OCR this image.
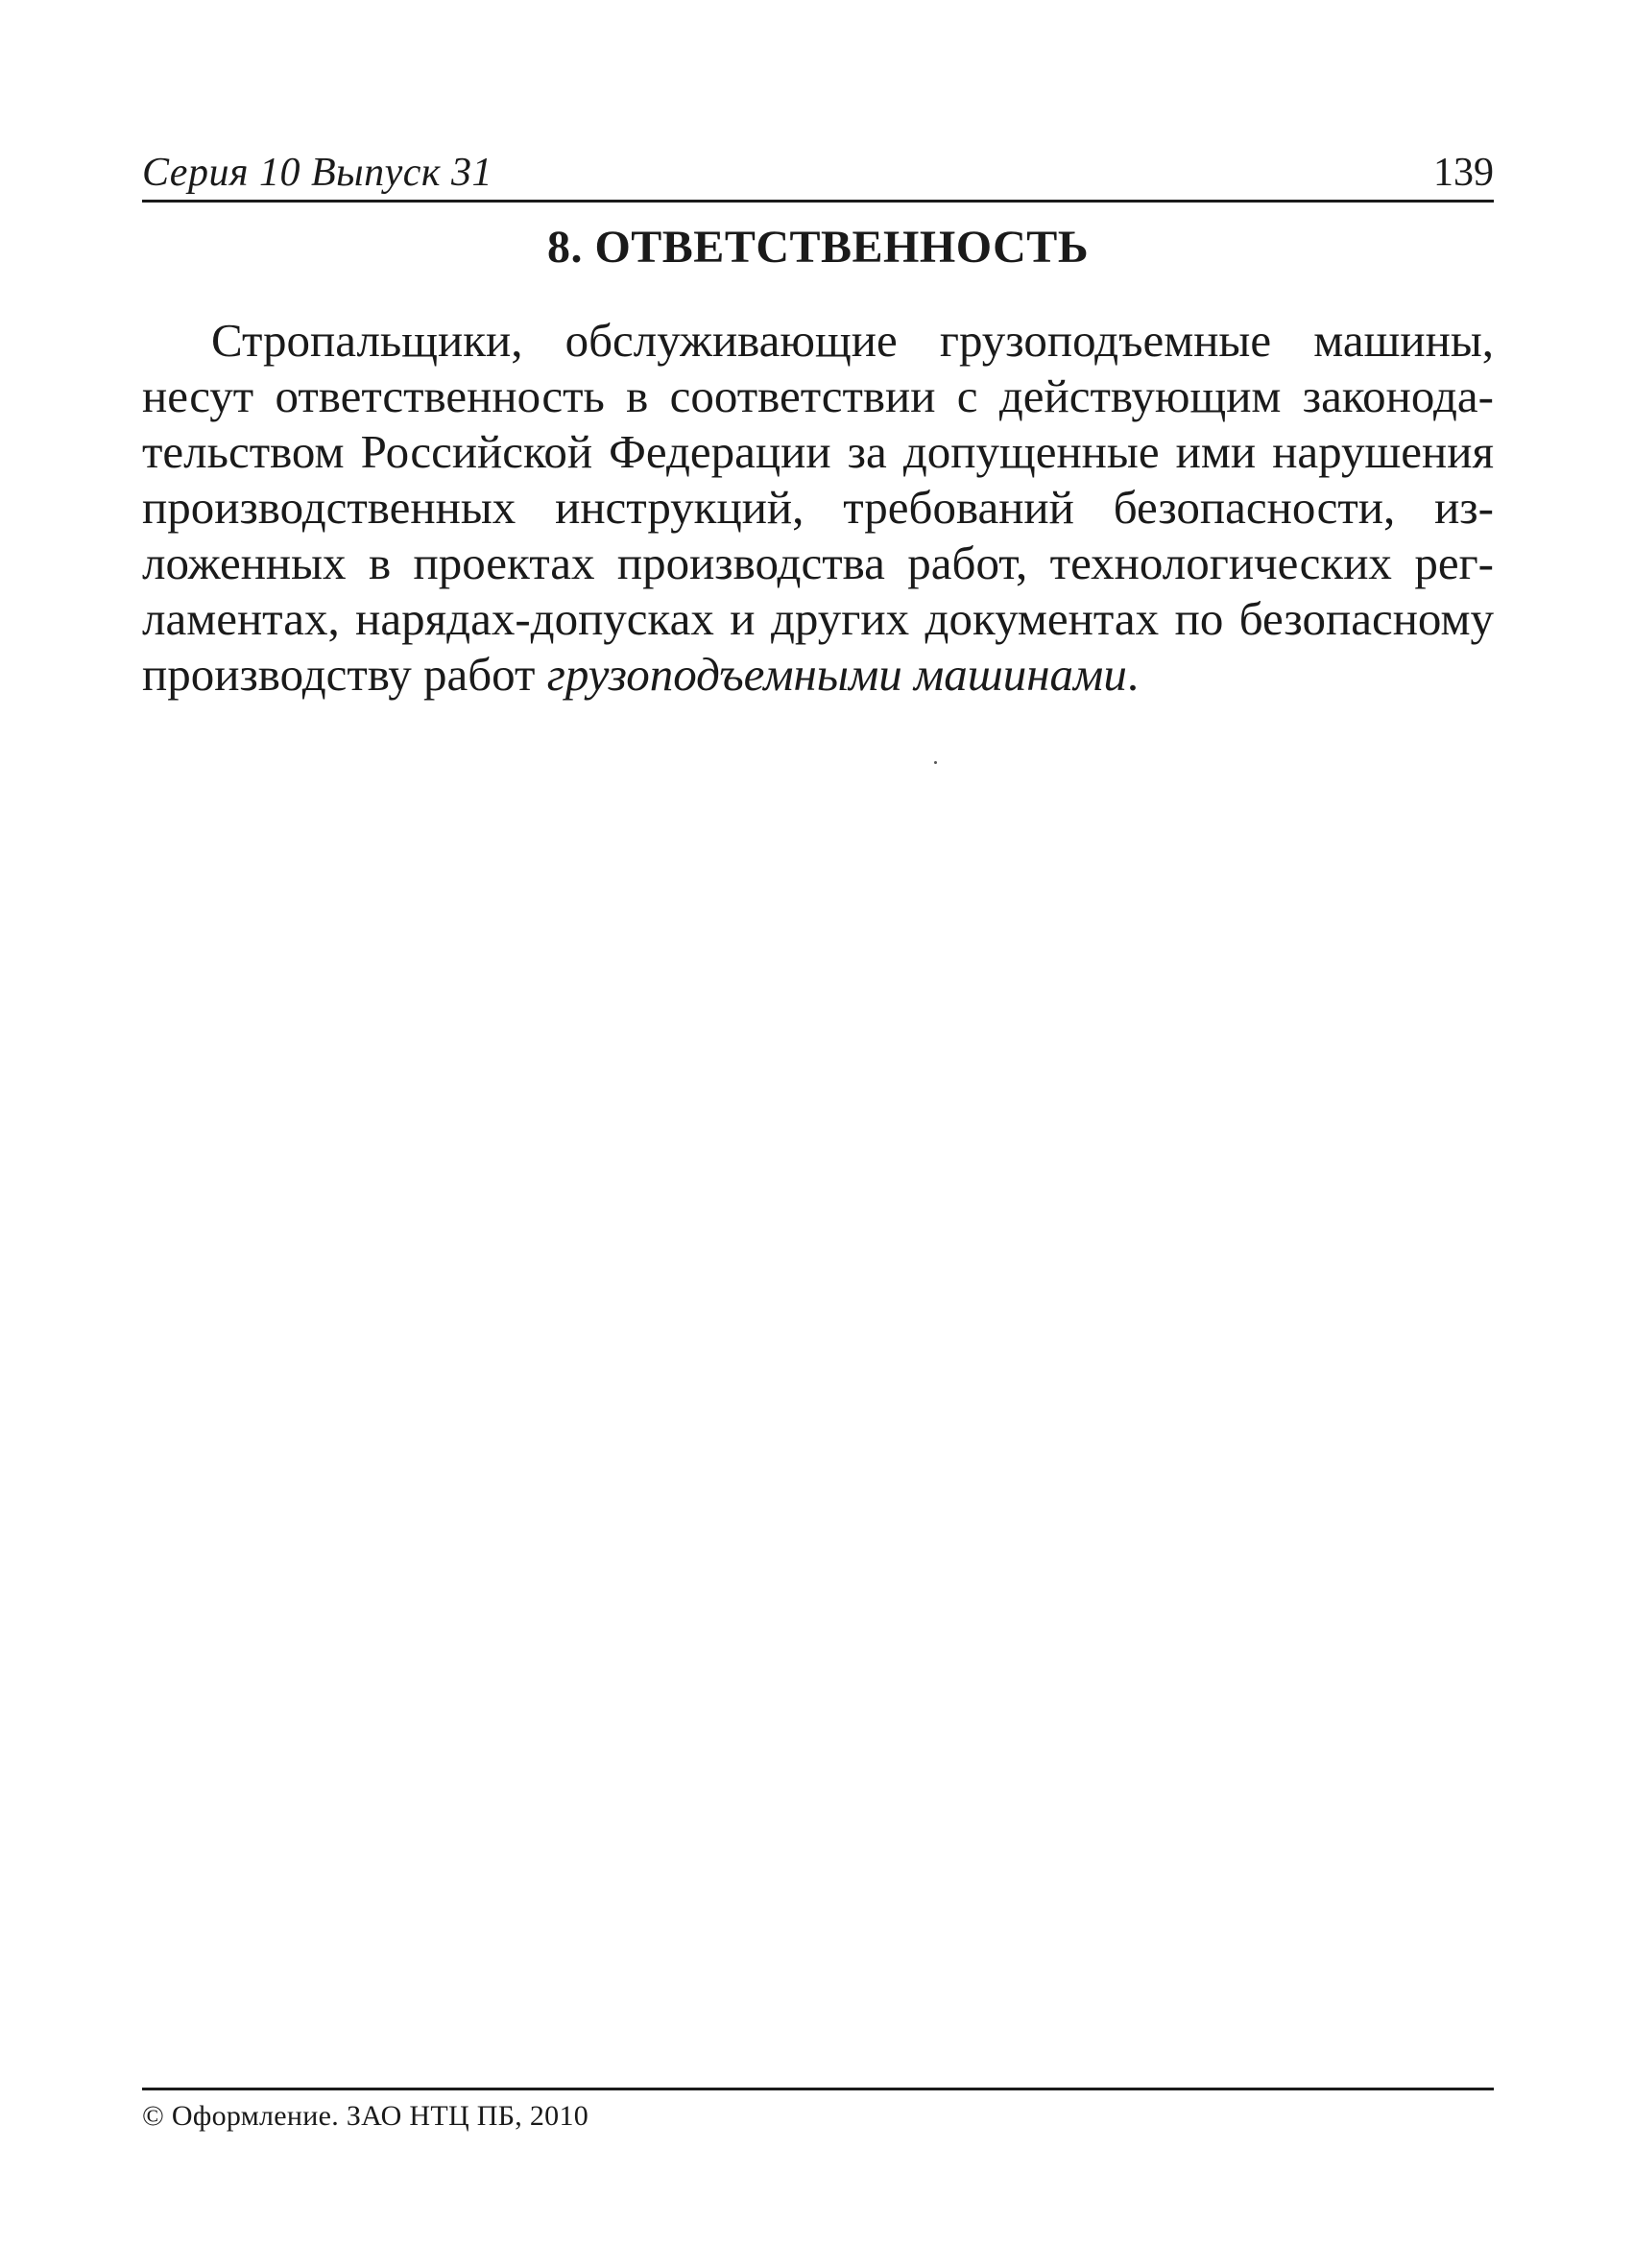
Серия 10 Выпуск 31	139
8. ОТВЕТСТВЕННОСТЬ

Стропальщики, обслуживающие грузоподъемные машины, несут ответственность в соответствии с действующим законодательством Российской Федерации за допущенные ими нарушения производственных инструкций, требований безопасности, изложенных в проектах производства работ, технологических регламентах, нарядах-допусках и других документах по безопасному производству работ грузоподъемными машинами.

© Оформление. ЗАО НТЦ ПБ, 2010
